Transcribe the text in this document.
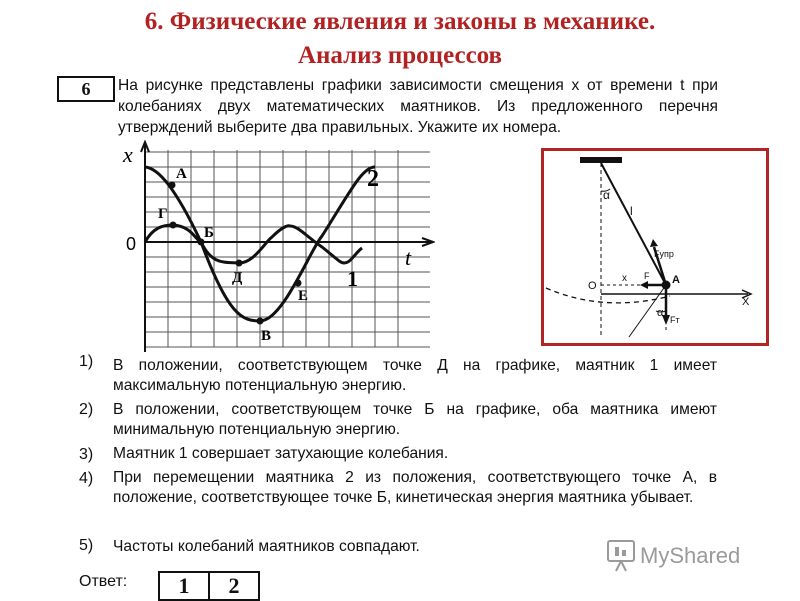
6. Физические явления и законы в механике.
Анализ процессов
6	На рисунке представлены графики зависимости смещения x от времени t при колебаниях двух математических маятников. Из предложенного перечня утверждений выберите два правильных. Укажите их номера.
x
t
0
А
Б
В
Г
Д
Е
1
2
α
l
O
x	A
X
α
Fупр
Fт
F
1) В положении, соответствующем точке Д на графике, маятник 1 имеет максимальную потенциальную энергию.
2) В положении, соответствующем точке Б на графике, оба маятника имеют минимальную потенциальную энергию.
3) Маятник 1 совершает затухающие колебания.
4) При перемещении маятника 2 из положения, соответствующего точке А, в положение, соответствующее точке Б, кинетическая энергия маятника убывает.
5) Частоты колебаний маятников совпадают.
Ответ:	1	2
MyShared
